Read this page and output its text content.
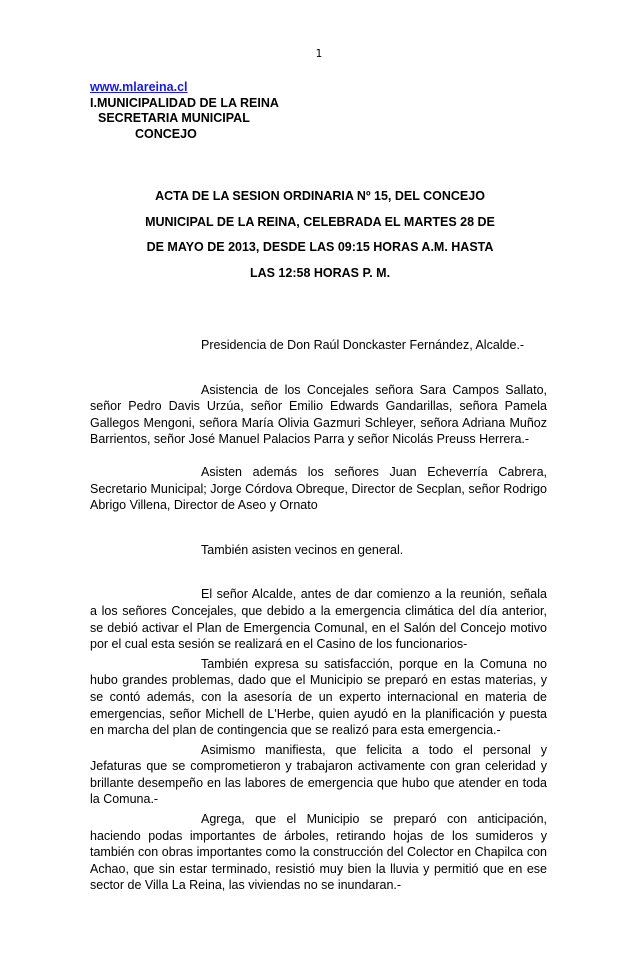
1
www.mlareina.cl
I.MUNICIPALIDAD DE LA REINA
SECRETARIA MUNICIPAL
CONCEJO
ACTA DE LA SESION ORDINARIA Nº 15, DEL CONCEJO
MUNICIPAL DE LA REINA, CELEBRADA EL MARTES 28 DE
DE MAYO DE 2013, DESDE LAS 09:15 HORAS A.M. HASTA
LAS 12:58 HORAS P. M.

Presidencia de Don Raúl Donckaster Fernández, Alcalde.-

Asistencia de los Concejales señora Sara Campos Sallato, señor Pedro Davis Urzúa, señor Emilio Edwards Gandarillas, señora Pamela Gallegos Mengoni, señora María Olivia Gazmuri Schleyer, señora Adriana Muñoz Barrientos, señor José Manuel Palacios Parra y señor Nicolás Preuss Herrera.-

Asisten además los señores Juan Echeverría Cabrera, Secretario Municipal; Jorge Córdova Obreque, Director de Secplan, señor Rodrigo Abrigo Villena, Director de Aseo y Ornato

También asisten vecinos en general.

El señor Alcalde, antes de dar comienzo a la reunión, señala a los señores Concejales, que debido a la emergencia climática del día anterior, se debió activar el Plan de Emergencia Comunal, en el Salón del Concejo motivo por el cual esta sesión se realizará en el Casino de los funcionarios-

También expresa su satisfacción, porque en la Comuna no hubo grandes problemas, dado que el Municipio se preparó en estas materias, y se contó además, con la asesoría de un experto internacional en materia de emergencias, señor Michell de L'Herbe, quien ayudó en la planificación y puesta en marcha del plan de contingencia que se realizó para esta emergencia.-

Asimismo manifiesta, que felicita a todo el personal y Jefaturas que se comprometieron y trabajaron activamente con gran celeridad y brillante desempeño en las labores de emergencia que hubo que atender en toda la Comuna.-

Agrega, que el Municipio se preparó con anticipación, haciendo podas importantes de árboles, retirando hojas de los sumideros y también con obras importantes como la construcción del Colector en Chapilca con Achao, que sin estar terminado, resistió muy bien la lluvia y permitió que en ese sector de Villa La Reina, las viviendas no se inundaran.-
